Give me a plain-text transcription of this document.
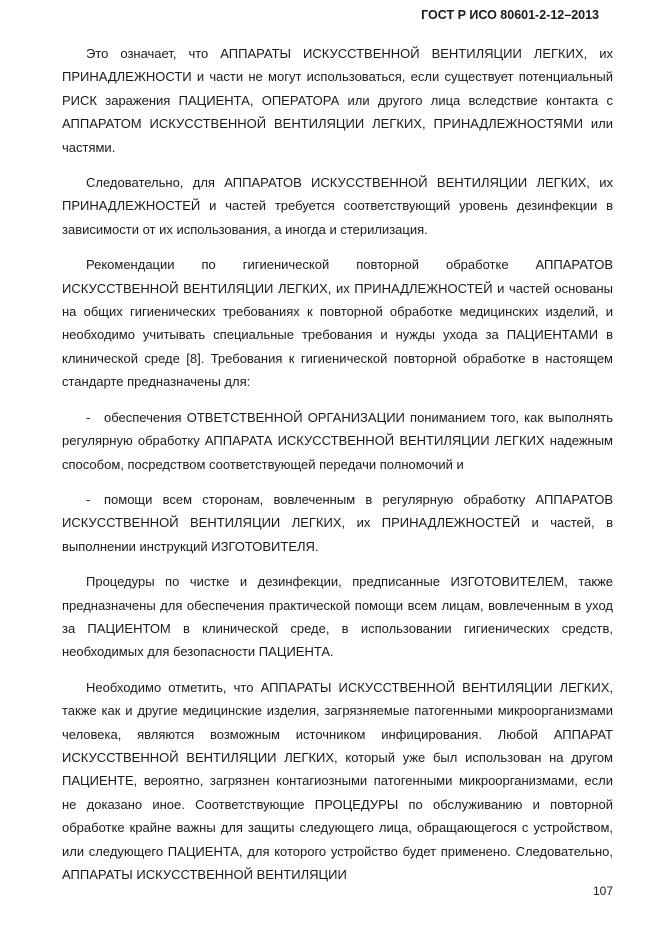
ГОСТ Р ИСО 80601-2-12–2013

Это означает, что АППАРАТЫ ИСКУССТВЕННОЙ ВЕНТИЛЯЦИИ ЛЕГКИХ, их ПРИНАДЛЕЖНОСТИ и части не могут использоваться, если существует потенциальный РИСК заражения ПАЦИЕНТА, ОПЕРАТОРА или другого лица вследствие контакта с АППАРАТОМ ИСКУССТВЕННОЙ ВЕНТИЛЯЦИИ ЛЕГКИХ, ПРИНАДЛЕЖНОСТЯМИ или частями.

Следовательно, для АППАРАТОВ ИСКУССТВЕННОЙ ВЕНТИЛЯЦИИ ЛЕГКИХ, их ПРИНАДЛЕЖНОСТЕЙ и частей требуется соответствующий уровень дезинфекции в зависимости от их использования, а иногда и стерилизация.

Рекомендации по гигиенической повторной обработке АППАРАТОВ ИСКУССТВЕННОЙ ВЕНТИЛЯЦИИ ЛЕГКИХ, их ПРИНАДЛЕЖНОСТЕЙ и частей основаны на общих гигиенических требованиях к повторной обработке медицинских изделий, и необходимо учитывать специальные требования и нужды ухода за ПАЦИЕНТАМИ в клинической среде [8]. Требования к гигиенической повторной обработке в настоящем стандарте предназначены для:

- обеспечения ОТВЕТСТВЕННОЙ ОРГАНИЗАЦИИ пониманием того, как выполнять регулярную обработку АППАРАТА ИСКУССТВЕННОЙ ВЕНТИЛЯЦИИ ЛЕГКИХ надежным способом, посредством соответствующей передачи полномочий и

- помощи всем сторонам, вовлеченным в регулярную обработку АППАРАТОВ ИСКУССТВЕННОЙ ВЕНТИЛЯЦИИ ЛЕГКИХ, их ПРИНАДЛЕЖНОСТЕЙ и частей, в выполнении инструкций ИЗГОТОВИТЕЛЯ.

Процедуры по чистке и дезинфекции, предписанные ИЗГОТОВИТЕЛЕМ, также предназначены для обеспечения практической помощи всем лицам, вовлеченным в уход за ПАЦИЕНТОМ в клинической среде, в использовании гигиенических средств, необходимых для безопасности ПАЦИЕНТА.

Необходимо отметить, что АППАРАТЫ ИСКУССТВЕННОЙ ВЕНТИЛЯЦИИ ЛЕГКИХ, также как и другие медицинские изделия, загрязняемые патогенными микроорганизмами человека, являются возможным источником инфицирования. Любой АППАРАТ ИСКУССТВЕННОЙ ВЕНТИЛЯЦИИ ЛЕГКИХ, который уже был использован на другом ПАЦИЕНТЕ, вероятно, загрязнен контагиозными патогенными микроорганизмами, если не доказано иное. Соответствующие ПРОЦЕДУРЫ по обслуживанию и повторной обработке крайне важны для защиты следующего лица, обращающегося с устройством, или следующего ПАЦИЕНТА, для которого устройство будет применено. Следовательно, АППАРАТЫ ИСКУССТВЕННОЙ ВЕНТИЛЯЦИИ

107
